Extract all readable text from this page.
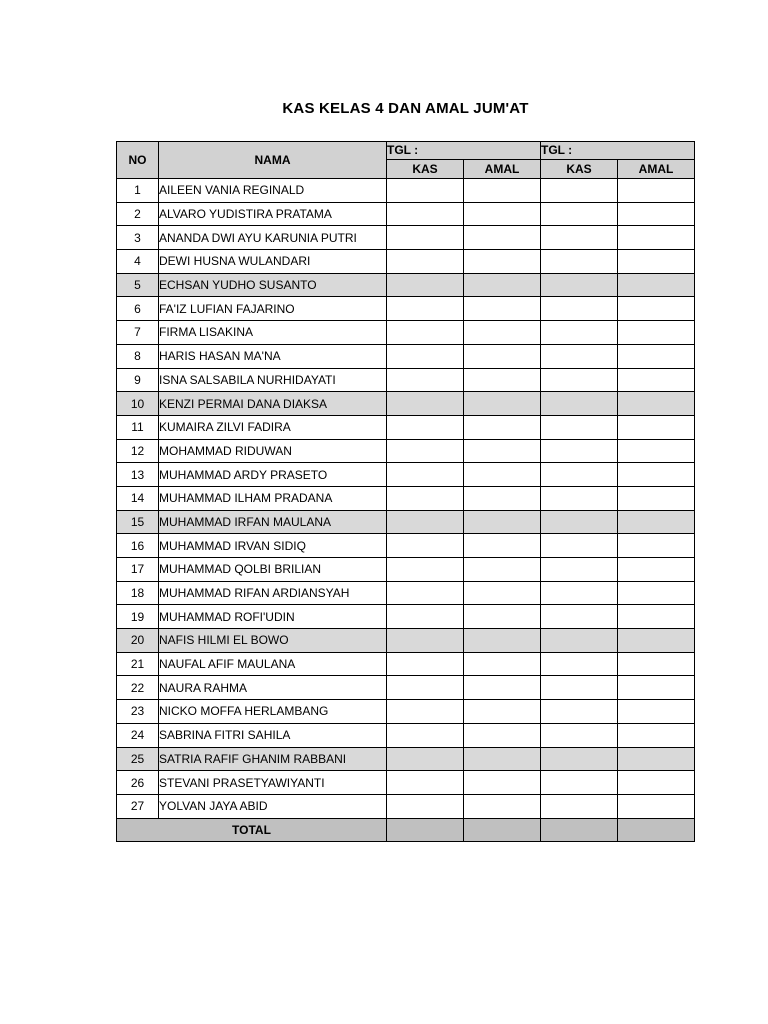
KAS KELAS 4 DAN AMAL JUM'AT
NO	NAMA	TGL :		TGL :	
		KAS	AMAL	KAS	AMAL
1	AILEEN VANIA REGINALD				
2	ALVARO YUDISTIRA PRATAMA				
3	ANANDA DWI AYU KARUNIA PUTRI				
4	DEWI HUSNA WULANDARI				
5	ECHSAN YUDHO SUSANTO				
6	FA'IZ LUFIAN FAJARINO				
7	FIRMA LISAKINA				
8	HARIS HASAN MA'NA				
9	ISNA SALSABILA NURHIDAYATI				
10	KENZI PERMAI DANA DIAKSA				
11	KUMAIRA ZILVI FADIRA				
12	MOHAMMAD RIDUWAN				
13	MUHAMMAD ARDY PRASETO				
14	MUHAMMAD ILHAM PRADANA				
15	MUHAMMAD IRFAN MAULANA				
16	MUHAMMAD IRVAN SIDIQ				
17	MUHAMMAD QOLBI BRILIAN				
18	MUHAMMAD RIFAN ARDIANSYAH				
19	MUHAMMAD ROFI'UDIN				
20	NAFIS HILMI EL BOWO				
21	NAUFAL AFIF MAULANA				
22	NAURA RAHMA				
23	NICKO MOFFA HERLAMBANG				
24	SABRINA FITRI SAHILA				
25	SATRIA RAFIF GHANIM RABBANI				
26	STEVANI PRASETYAWIYANTI				
27	YOLVAN JAYA ABID				
TOTAL					
